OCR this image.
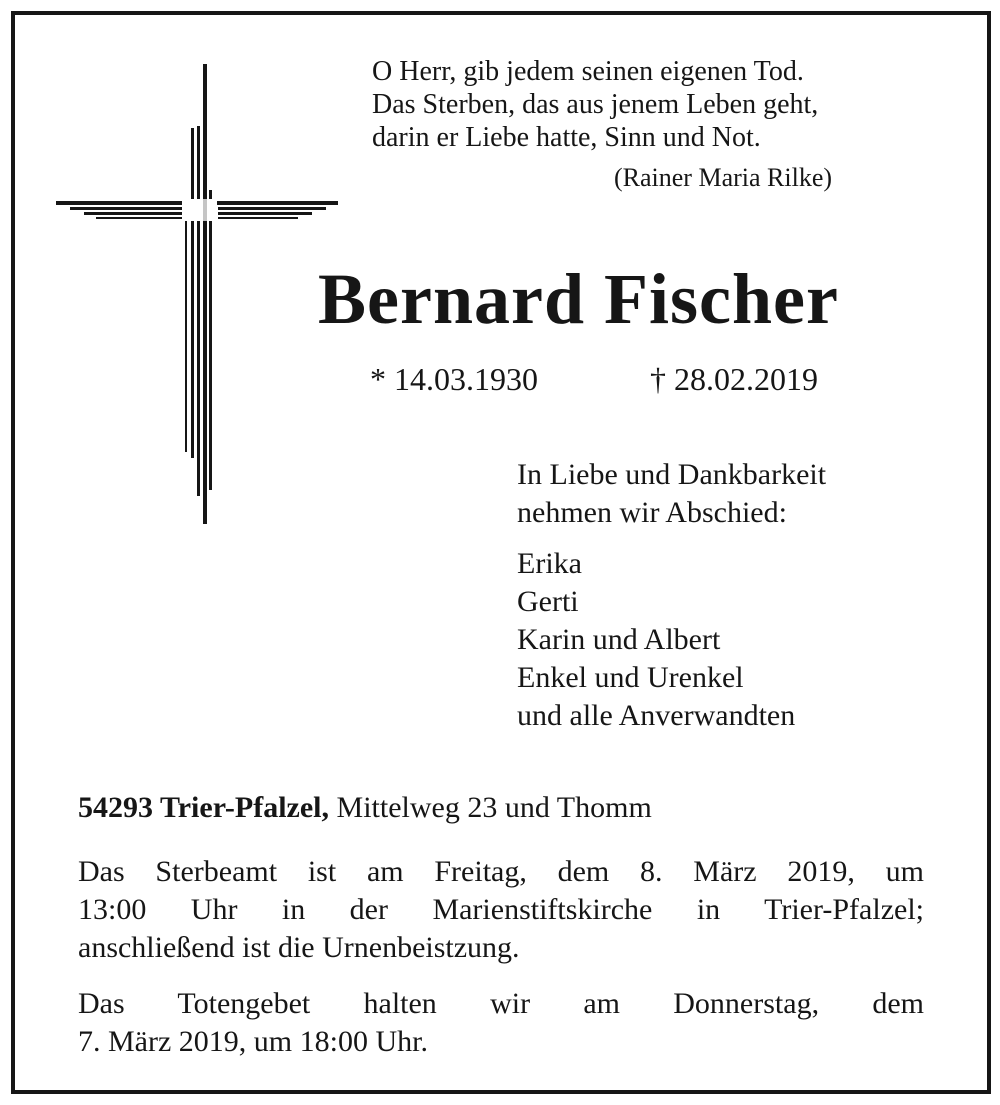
O Herr, gib jedem seinen eigenen Tod.
Das Sterben, das aus jenem Leben geht,
darin er Liebe hatte, Sinn und Not.
(Rainer Maria Rilke)
Bernard Fischer
* 14.03.1930	† 28.02.2019
In Liebe und Dankbarkeit
nehmen wir Abschied:
Erika
Gerti
Karin und Albert
Enkel und Urenkel
und alle Anverwandten
54293 Trier-Pfalzel, Mittelweg 23 und Thomm
Das Sterbeamt ist am Freitag, dem 8. März 2019, um
13:00 Uhr in der Marienstiftskirche in Trier-Pfalzel;
anschließend ist die Urnenbeistzung.
Das Totengebet halten wir am Donnerstag, dem
7. März 2019, um 18:00 Uhr.
